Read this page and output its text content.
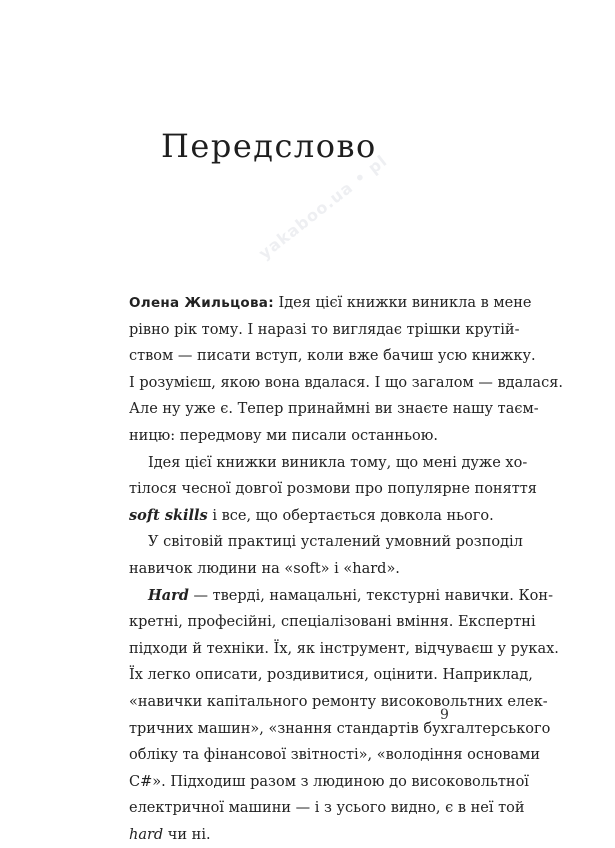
yakaboo.ua • pl
Передслово
Олена Жильцова: Ідея цієї книжки виникла в мене
рівно рік тому. І наразі то виглядає трішки крутій-
ством — писати вступ, коли вже бачиш усю книжку.
І розумієш, якою вона вдалася. І що загалом — вдалася.
Але ну уже є. Тепер принаймні ви знаєте нашу таєм-
ницю: передмову ми писали останньою.
Ідея цієї книжки виникла тому, що мені дуже хо-
тілося чесної довгої розмови про популярне поняття
soft skills і все, що обертається довкола нього.
У світовій практиці усталений умовний розподіл
навичок людини на «soft» і «hard».
Hard — тверді, намацальні, текстурні навички. Кон-
кретні, професійні, спеціалізовані вміння. Експертні
підходи й техніки. Їх, як інструмент, відчуваєш у руках.
Їх легко описати, роздивитися, оцінити. Наприклад,
«навички капітального ремонту високовольтних елек-
тричних машин», «знання стандартів бухгалтерського
обліку та фінансової звітності», «володіння основами
C#». Підходиш разом з людиною до високовольтної
електричної машини — і з усього видно, є в неї той
hard чи ні.
9
